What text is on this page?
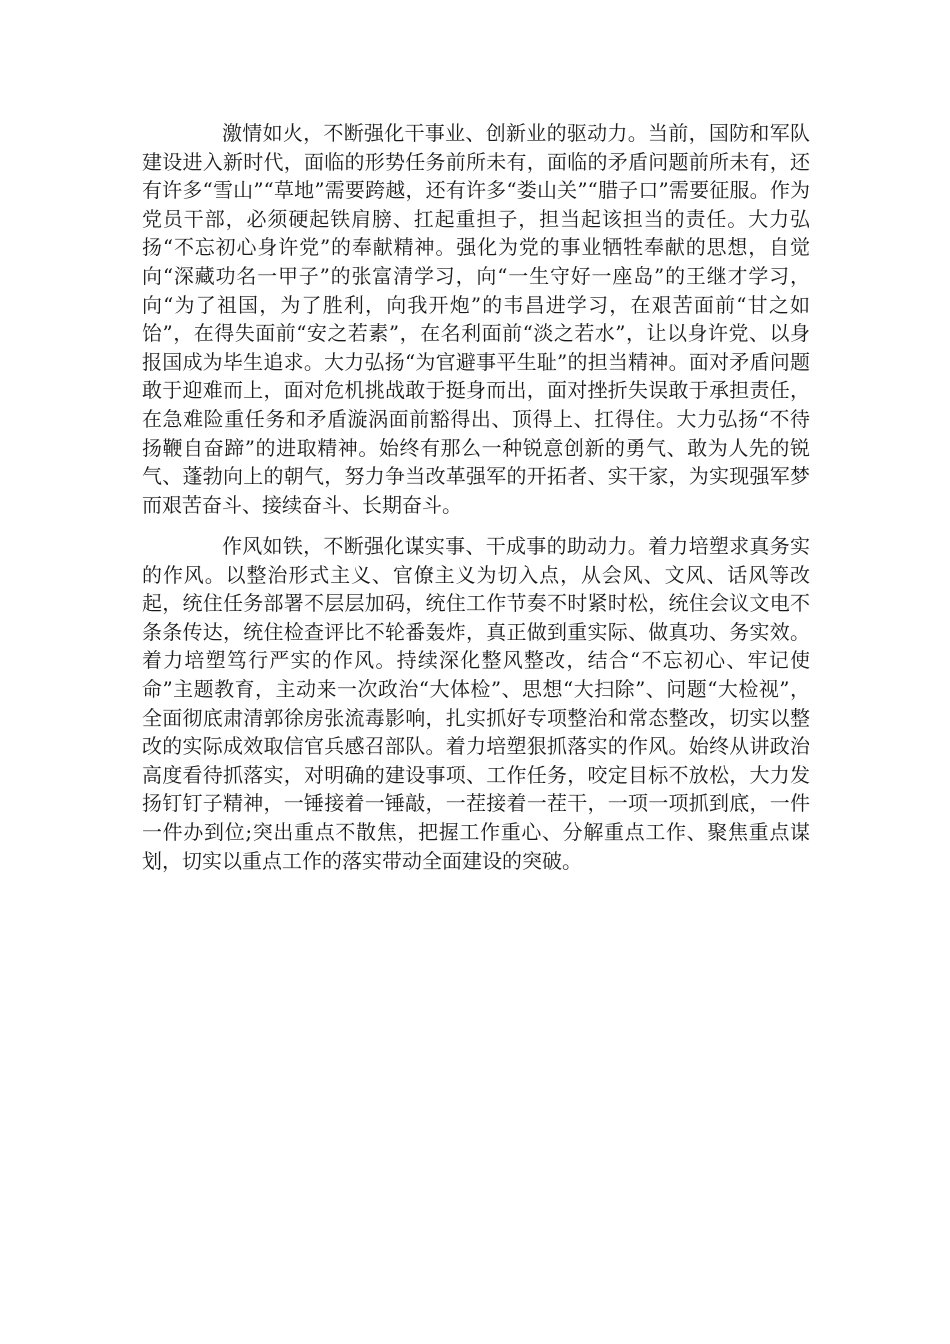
激情如火，不断强化干事业、创新业的驱动力。当前，国防和军队建设进入新时代，面临的形势任务前所未有，面临的矛盾问题前所未有，还有许多“雪山”“草地”需要跨越，还有许多“娄山关”“腊子口”需要征服。作为党员干部，必须硬起铁肩膀、扛起重担子，担当起该担当的责任。大力弘扬“不忘初心身许党”的奉献精神。强化为党的事业牺牲奉献的思想，自觉向“深藏功名一甲子”的张富清学习，向“一生守好一座岛”的王继才学习，向“为了祖国，为了胜利，向我开炮”的韦昌进学习，在艰苦面前“甘之如饴”，在得失面前“安之若素”，在名利面前“淡之若水”，让以身许党、以身报国成为毕生追求。大力弘扬“为官避事平生耻”的担当精神。面对矛盾问题敢于迎难而上，面对危机挑战敢于挺身而出，面对挫折失误敢于承担责任，在急难险重任务和矛盾漩涡面前豁得出、顶得上、扛得住。大力弘扬“不待扬鞭自奋蹄”的进取精神。始终有那么一种锐意创新的勇气、敢为人先的锐气、蓬勃向上的朝气，努力争当改革强军的开拓者、实干家，为实现强军梦而艰苦奋斗、接续奋斗、长期奋斗。

作风如铁，不断强化谋实事、干成事的助动力。着力培塑求真务实的作风。以整治形式主义、官僚主义为切入点，从会风、文风、话风等改起，统住任务部署不层层加码，统住工作节奏不时紧时松，统住会议文电不条条传达，统住检查评比不轮番轰炸，真正做到重实际、做真功、务实效。着力培塑笃行严实的作风。持续深化整风整改，结合“不忘初心、牢记使命”主题教育，主动来一次政治“大体检”、思想“大扫除”、问题“大检视”，全面彻底肃清郭徐房张流毒影响，扎实抓好专项整治和常态整改，切实以整改的实际成效取信官兵感召部队。着力培塑狠抓落实的作风。始终从讲政治高度看待抓落实，对明确的建设事项、工作任务，咬定目标不放松，大力发扬钉钉子精神，一锤接着一锤敲，一茬接着一茬干，一项一项抓到底，一件一件办到位;突出重点不散焦，把握工作重心、分解重点工作、聚焦重点谋划，切实以重点工作的落实带动全面建设的突破。
